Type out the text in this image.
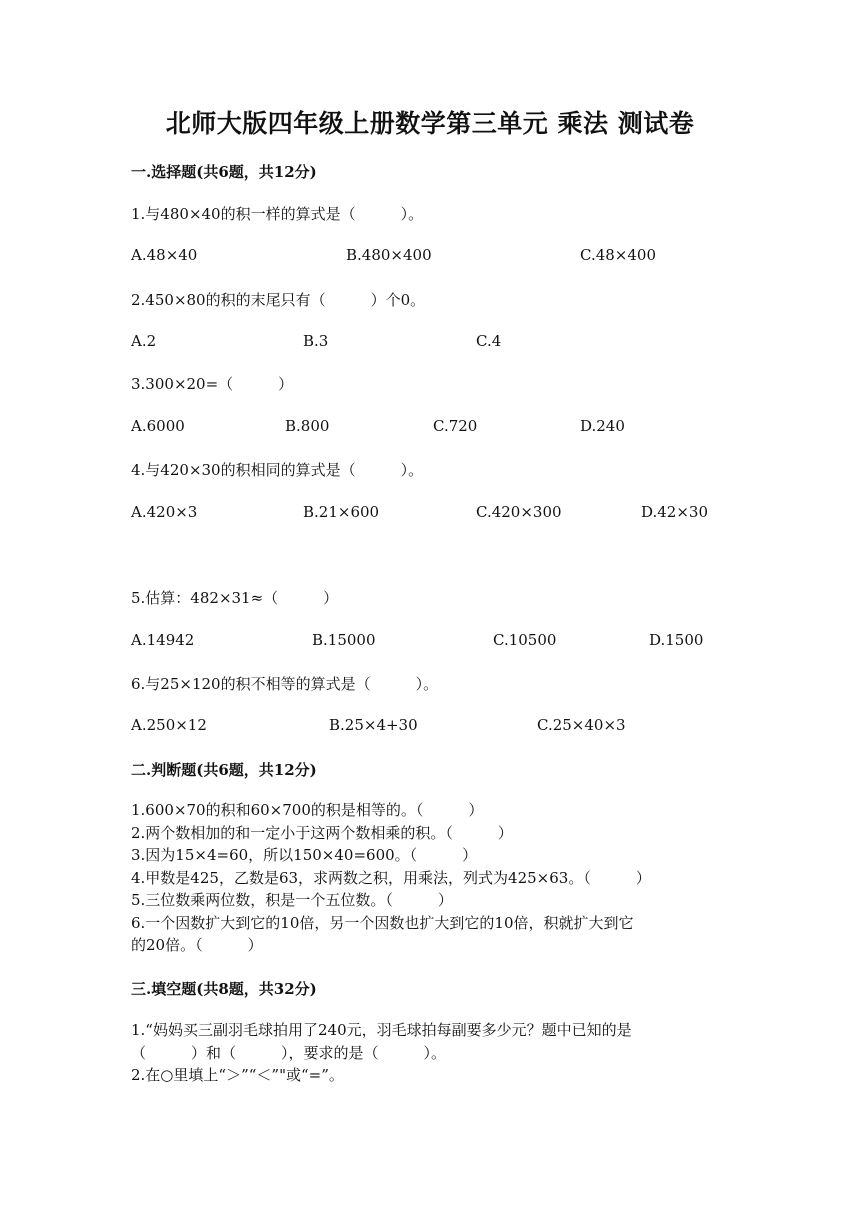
北师大版四年级上册数学第三单元 乘法 测试卷
一.选择题(共6题，共12分)
1.与480×40的积一样的算式是（　　　）。
A.48×40	B.480×400	C.48×400
2.450×80的积的末尾只有（　　　）个0。
A.2	B.3	C.4
3.300×20=（　　　）
A.6000	B.800	C.720	D.240
4.与420×30的积相同的算式是（　　　）。
A.420×3	B.21×600	C.420×300	D.42×30
5.估算：482×31≈（　　　）
A.14942	B.15000	C.10500	D.1500
6.与25×120的积不相等的算式是（　　　）。
A.250×12	B.25×4+30	C.25×40×3
二.判断题(共6题，共12分)
1.600×70的积和60×700的积是相等的。（　　　）
2.两个数相加的和一定小于这两个数相乘的积。（　　　）
3.因为15×4=60，所以150×40=600。（　　　）
4.甲数是425，乙数是63，求两数之积，用乘法，列式为425×63。（　　　）
5.三位数乘两位数，积是一个五位数。（　　　）
6.一个因数扩大到它的10倍，另一个因数也扩大到它的10倍，积就扩大到它
的20倍。（　　　）
三.填空题(共8题，共32分)
1.“妈妈买三副羽毛球拍用了240元，羽毛球拍每副要多少元？题中已知的是
（　　　）和（　　　），要求的是（　　　）。
2.在○里填上“＞”“＜”"或“=”。
